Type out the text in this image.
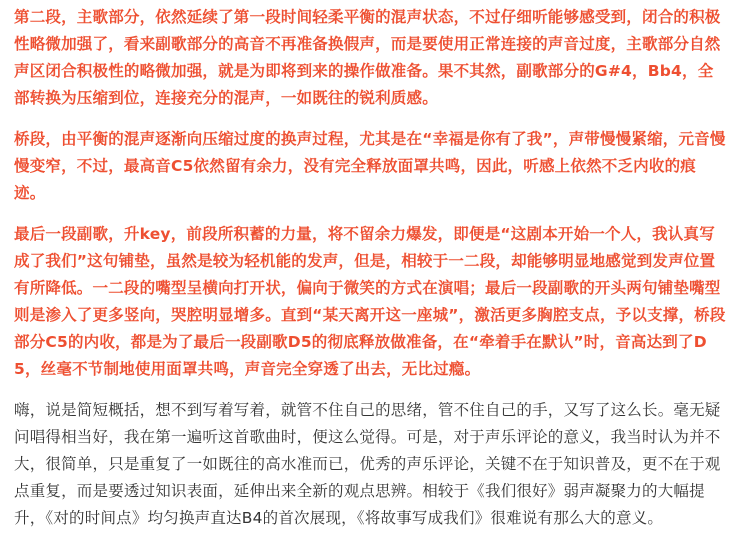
第二段，主歌部分，依然延续了第一段时间轻柔平衡的混声状态，不过仔细听能够感受到，闭合的积极性略微加强了，看来副歌部分的高音不再准备换假声，而是要使用正常连接的声音过度，主歌部分自然声区闭合积极性的略微加强，就是为即将到来的操作做准备。果不其然，副歌部分的G#4，Bb4，全部转换为压缩到位，连接充分的混声，一如既往的锐利质感。

桥段，由平衡的混声逐渐向压缩过度的换声过程，尤其是在“幸福是你有了我”，声带慢慢紧缩，元音慢慢变窄，不过，最高音C5依然留有余力，没有完全释放面罩共鸣，因此，听感上依然不乏内收的痕迹。

最后一段副歌，升key，前段所积蓄的力量，将不留余力爆发，即便是“这剧本开始一个人，我认真写成了我们”这句铺垫，虽然是较为轻机能的发声，但是，相较于一二段，却能够明显地感觉到发声位置有所降低。一二段的嘴型呈横向打开状，偏向于微笑的方式在演唱；最后一段副歌的开头两句铺垫嘴型则是渗入了更多竖向，哭腔明显增多。直到“某天离开这一座城”，激活更多胸腔支点，予以支撑，桥段部分C5的内收，都是为了最后一段副歌D5的彻底释放做准备，在“牵着手在默认”时，音高达到了D5，丝毫不节制地使用面罩共鸣，声音完全穿透了出去，无比过瘾。

嗨，说是简短概括，想不到写着写着，就管不住自己的思绪，管不住自己的手，又写了这么长。毫无疑问唱得相当好，我在第一遍听这首歌曲时，便这么觉得。可是，对于声乐评论的意义，我当时认为并不大，很简单，只是重复了一如既往的高水准而已，优秀的声乐评论，关键不在于知识普及，更不在于观点重复，而是要透过知识表面，延伸出来全新的观点思辨。相较于《我们很好》弱声凝聚力的大幅提升，《对的时间点》均匀换声直达B4的首次展现，《将故事写成我们》很难说有那么大的意义。
